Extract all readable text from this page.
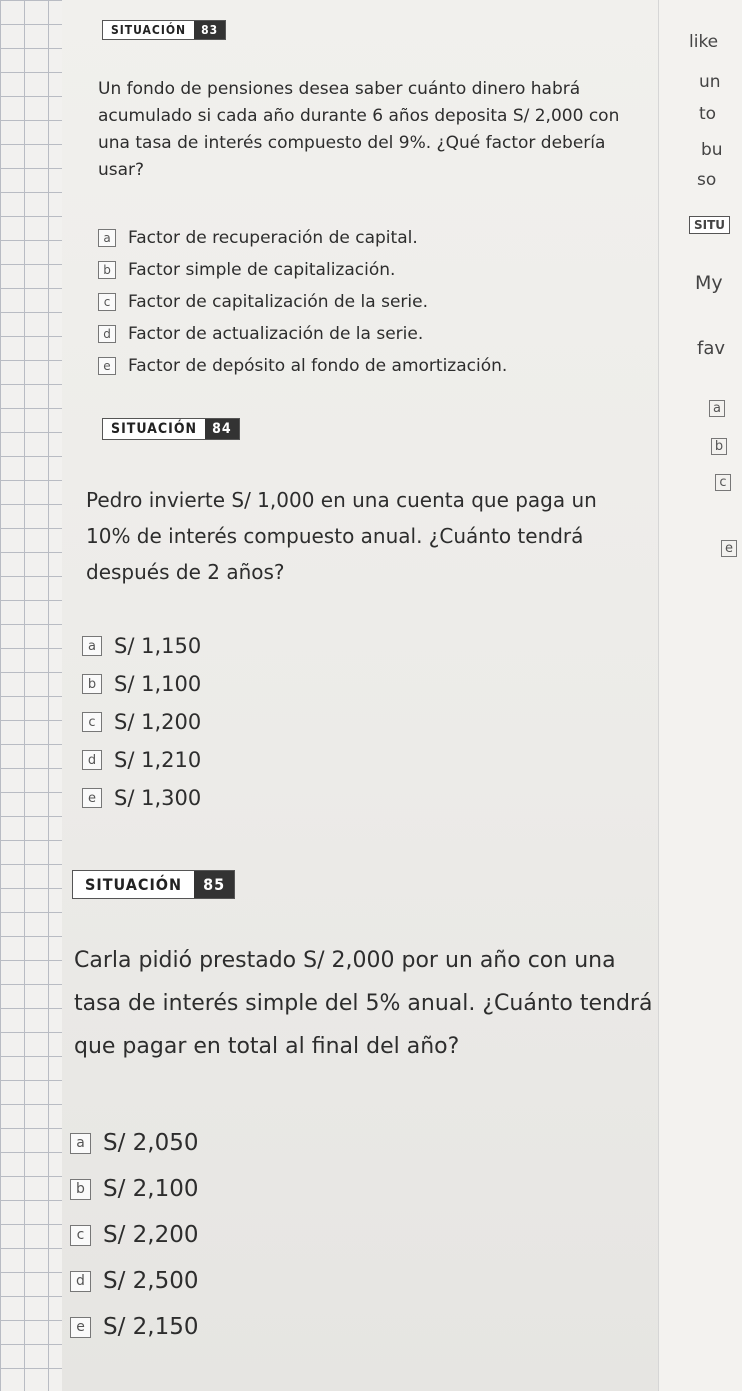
SITUACIÓN	83
Un fondo de pensiones desea saber cuánto dinero habrá acumulado si cada año durante 6 años deposita S/ 2,000 con una tasa de interés compuesto del 9%. ¿Qué factor debería usar?
a	Factor de recuperación de capital.
b	Factor simple de capitalización.
c	Factor de capitalización de la serie.
d	Factor de actualización de la serie.
e	Factor de depósito al fondo de amortización.
SITUACIÓN	84
Pedro invierte S/ 1,000 en una cuenta que paga un 10% de interés compuesto anual. ¿Cuánto tendrá después de 2 años?
a S/ 1,150
b S/ 1,100
c S/ 1,200
d S/ 1,210
e S/ 1,300
SITUACIÓN	85
Carla pidió prestado S/ 2,000 por un año con una tasa de interés simple del 5% anual. ¿Cuánto tendrá que pagar en total al final del año?
a S/ 2,050
b S/ 2,100
c S/ 2,200
d S/ 2,500
e S/ 2,150
like
un
to
bu
so
SITU
My
fav
a
b
c
e
